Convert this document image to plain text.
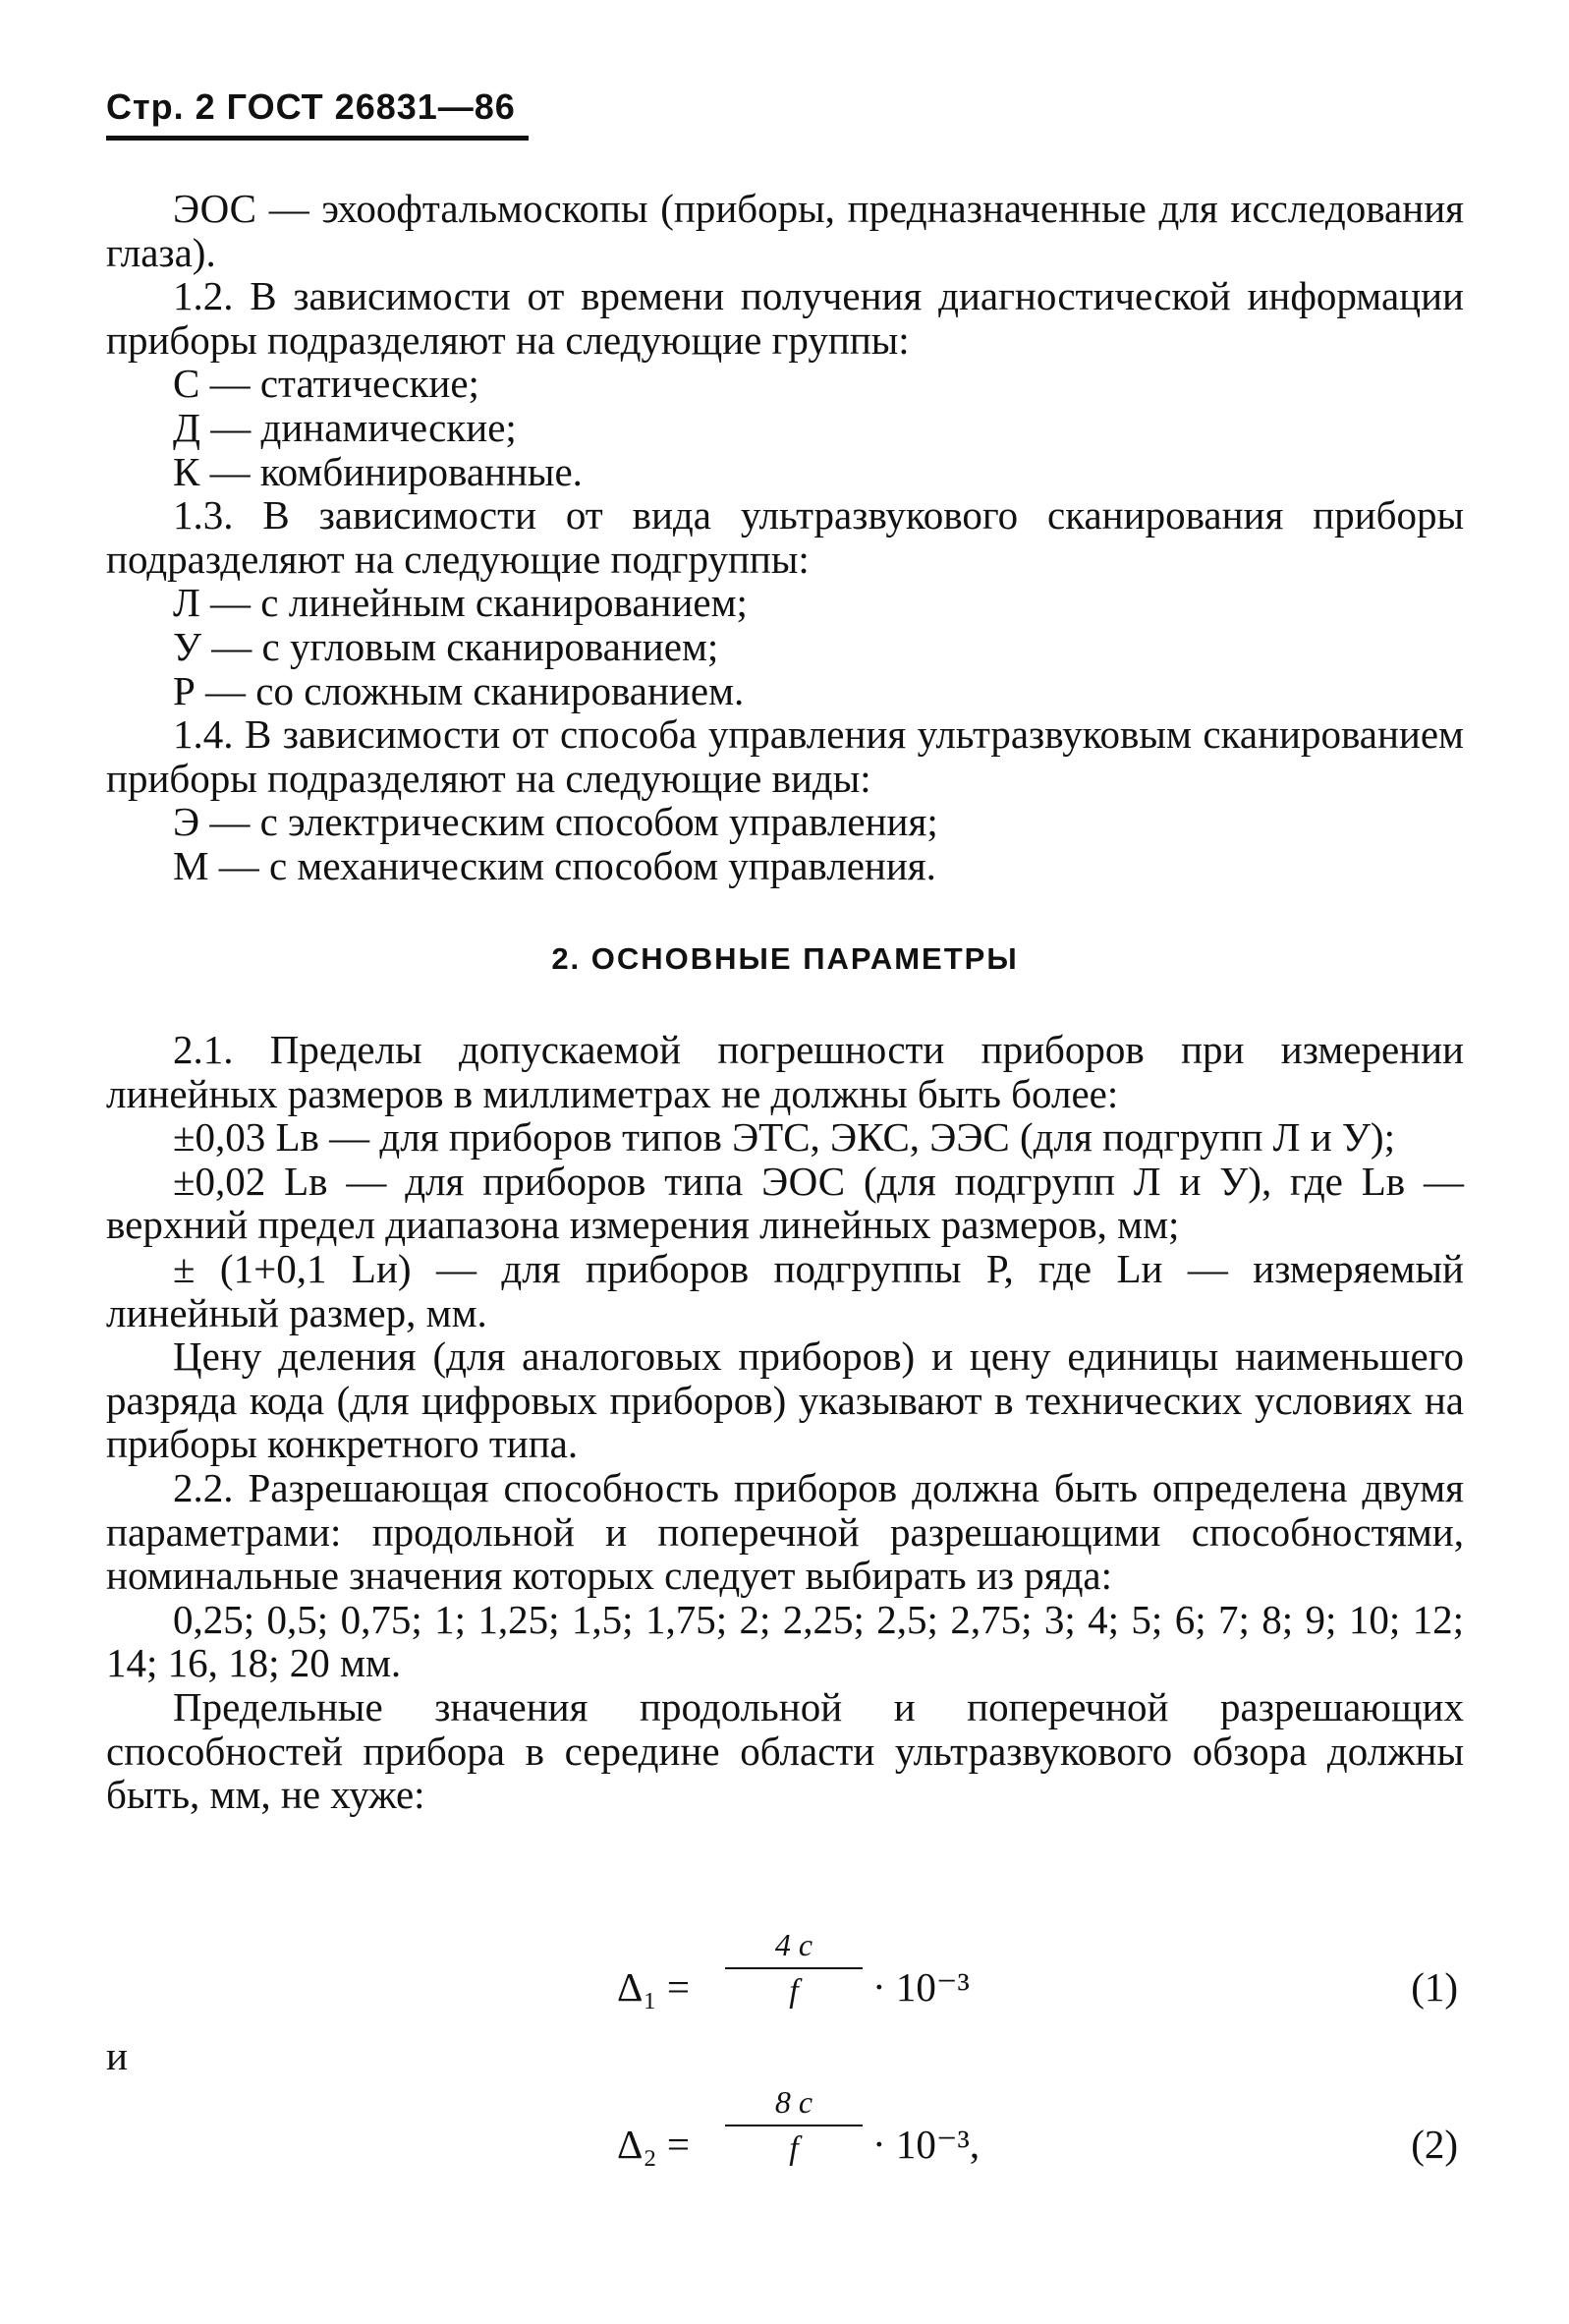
Стр. 2 ГОСТ 26831—86

ЭОС — эхоофтальмоскопы (приборы, предназначенные для исследования глаза).

1.2. В зависимости от времени получения диагностической информации приборы подразделяют на следующие группы:

С — статические;

Д — динамические;

К — комбинированные.

1.3. В зависимости от вида ультразвукового сканирования приборы подразделяют на следующие подгруппы:

Л — с линейным сканированием;

У — с угловым сканированием;

Р — со сложным сканированием.

1.4. В зависимости от способа управления ультразвуковым сканированием приборы подразделяют на следующие виды:

Э — с электрическим способом управления;

М — с механическим способом управления.

2. ОСНОВНЫЕ ПАРАМЕТРЫ

2.1. Пределы допускаемой погрешности приборов при измерении линейных размеров в миллиметрах не должны быть более:

±0,03 Lв — для приборов типов ЭТС, ЭКС, ЭЭС (для подгрупп Л и У);

±0,02 Lв — для приборов типа ЭОС (для подгрупп Л и У), где Lв — верхний предел диапазона измерения линейных размеров, мм;

± (1+0,1 Lи) — для приборов подгруппы Р, где Lи — измеряемый линейный размер, мм.

Цену деления (для аналоговых приборов) и цену единицы наименьшего разряда кода (для цифровых приборов) указывают в технических условиях на приборы конкретного типа.

2.2. Разрешающая способность приборов должна быть определена двумя параметрами: продольной и поперечной разрешающими способностями, номинальные значения которых следует выбирать из ряда:

0,25; 0,5; 0,75; 1; 1,25; 1,5; 1,75; 2; 2,25; 2,5; 2,75; 3; 4; 5; 6; 7; 8; 9; 10; 12; 14; 16, 18; 20 мм.

Предельные значения продольной и поперечной разрешающих способностей прибора в середине области ультразвукового обзора должны быть, мм, не хуже:

Δ₁ =
4 c
f	· 10⁻³	(1)
и
Δ₂ =
8 c
f	· 10⁻³,	(2)
